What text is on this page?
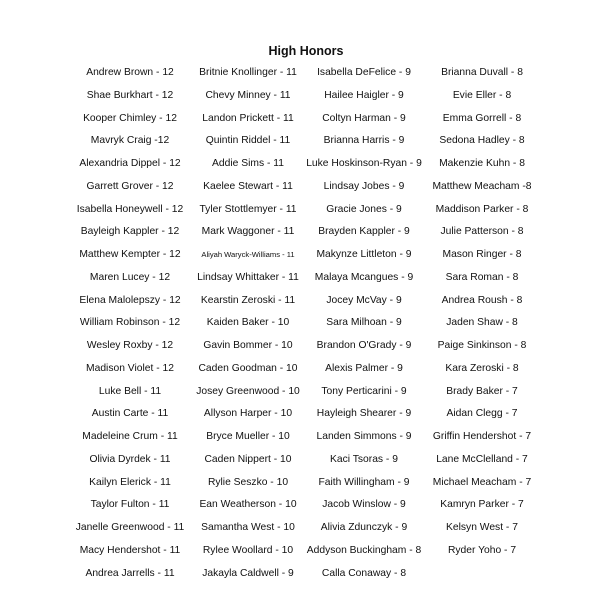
High Honors
Andrew Brown - 12
Shae Burkhart - 12
Kooper Chimley - 12
Mavryk Craig -12
Alexandria Dippel - 12
Garrett Grover - 12
Isabella Honeywell - 12
Bayleigh Kappler - 12
Matthew Kempter - 12
Maren Lucey - 12
Elena Malolepszy - 12
William Robinson - 12
Wesley Roxby - 12
Madison Violet - 12
Luke Bell - 11
Austin Carte - 11
Madeleine Crum - 11
Olivia Dyrdek - 11
Kailyn Elerick - 11
Taylor Fulton - 11
Janelle Greenwood - 11
Macy Hendershot - 11
Andrea Jarrells - 11
Britnie Knollinger - 11
Chevy Minney - 11
Landon Prickett - 11
Quintin Riddel - 11
Addie Sims - 11
Kaelee Stewart - 11
Tyler Stottlemyer - 11
Mark Waggoner - 11
Aliyah Waryck-Williams - 11
Lindsay Whittaker - 11
Kearstin Zeroski - 11
Kaiden Baker - 10
Gavin Bommer - 10
Caden Goodman - 10
Josey Greenwood - 10
Allyson Harper - 10
Bryce Mueller - 10
Caden Nippert - 10
Rylie Seszko - 10
Ean Weatherson - 10
Samantha West - 10
Rylee Woollard - 10
Jakayla Caldwell - 9
Isabella DeFelice - 9
Hailee Haigler - 9
Coltyn Harman - 9
Brianna Harris - 9
Luke Hoskinson-Ryan - 9
Lindsay Jobes - 9
Gracie Jones - 9
Brayden Kappler - 9
Makynze Littleton - 9
Malaya Mcangues - 9
Jocey McVay - 9
Sara Milhoan - 9
Brandon O'Grady - 9
Alexis Palmer - 9
Tony Perticarini - 9
Hayleigh Shearer - 9
Landen Simmons - 9
Kaci Tsoras - 9
Faith Willingham - 9
Jacob Winslow - 9
Alivia Zdunczyk - 9
Addyson Buckingham - 8
Calla Conaway - 8
Brianna Duvall - 8
Evie Eller - 8
Emma Gorrell - 8
Sedona Hadley - 8
Makenzie Kuhn - 8
Matthew Meacham -8
Maddison Parker - 8
Julie Patterson - 8
Mason Ringer - 8
Sara Roman - 8
Andrea Roush - 8
Jaden Shaw - 8
Paige Sinkinson - 8
Kara Zeroski - 8
Brady Baker - 7
Aidan Clegg - 7
Griffin Hendershot - 7
Lane McClelland - 7
Michael Meacham - 7
Kamryn Parker - 7
Kelsyn West - 7
Ryder Yoho - 7
